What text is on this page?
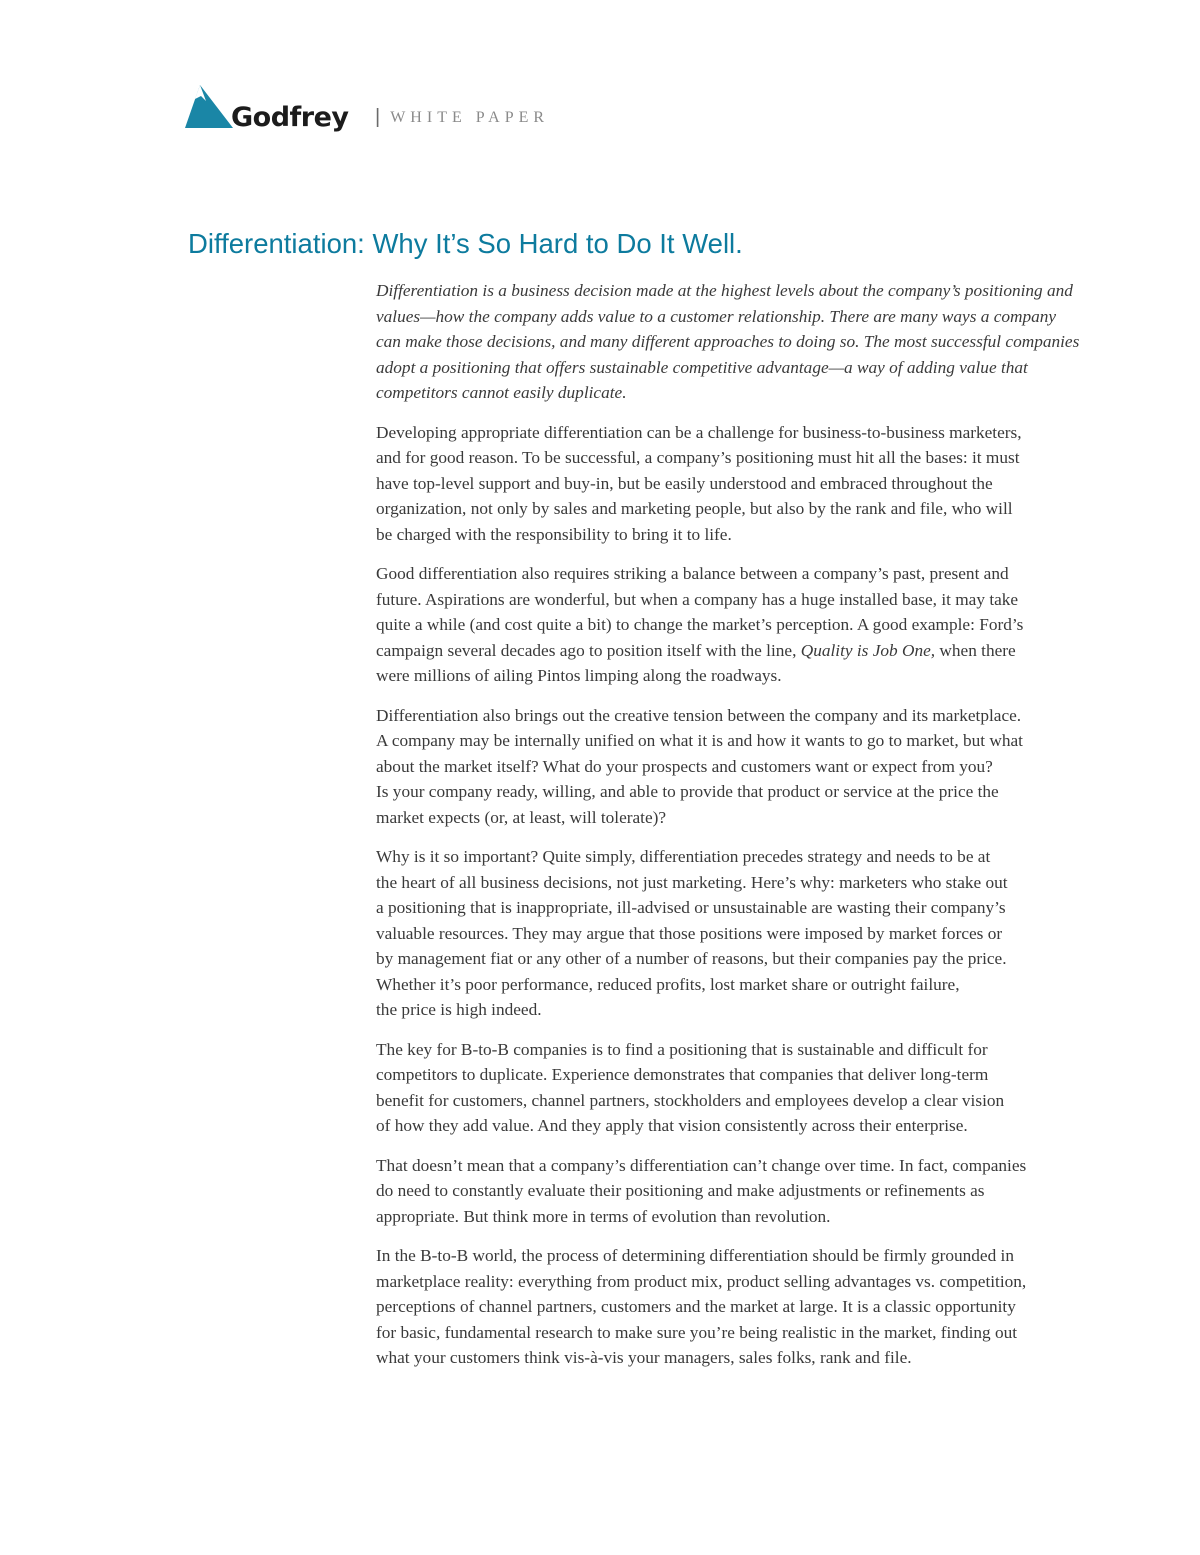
Godfrey | WHITE PAPER
Differentiation: Why It’s So Hard to Do It Well.

Differentiation is a business decision made at the highest levels about the company’s positioning and
values—how the company adds value to a customer relationship. There are many ways a company
can make those decisions, and many different approaches to doing so. The most successful companies
adopt a positioning that offers sustainable competitive advantage—a way of adding value that
competitors cannot easily duplicate.

Developing appropriate differentiation can be a challenge for business-to-business marketers,
and for good reason. To be successful, a company’s positioning must hit all the bases: it must
have top-level support and buy-in, but be easily understood and embraced throughout the
organization, not only by sales and marketing people, but also by the rank and file, who will
be charged with the responsibility to bring it to life.

Good differentiation also requires striking a balance between a company’s past, present and
future. Aspirations are wonderful, but when a company has a huge installed base, it may take
quite a while (and cost quite a bit) to change the market’s perception. A good example: Ford’s
campaign several decades ago to position itself with the line, Quality is Job One, when there
were millions of ailing Pintos limping along the roadways.

Differentiation also brings out the creative tension between the company and its marketplace.
A company may be internally unified on what it is and how it wants to go to market, but what
about the market itself? What do your prospects and customers want or expect from you?
Is your company ready, willing, and able to provide that product or service at the price the
market expects (or, at least, will tolerate)?

Why is it so important? Quite simply, differentiation precedes strategy and needs to be at
the heart of all business decisions, not just marketing. Here’s why: marketers who stake out
a positioning that is inappropriate, ill-advised or unsustainable are wasting their company’s
valuable resources. They may argue that those positions were imposed by market forces or
by management fiat or any other of a number of reasons, but their companies pay the price.
Whether it’s poor performance, reduced profits, lost market share or outright failure,
the price is high indeed.

The key for B-to-B companies is to find a positioning that is sustainable and difficult for
competitors to duplicate. Experience demonstrates that companies that deliver long-term
benefit for customers, channel partners, stockholders and employees develop a clear vision
of how they add value. And they apply that vision consistently across their enterprise.

That doesn’t mean that a company’s differentiation can’t change over time. In fact, companies
do need to constantly evaluate their positioning and make adjustments or refinements as
appropriate. But think more in terms of evolution than revolution.

In the B-to-B world, the process of determining differentiation should be firmly grounded in
marketplace reality: everything from product mix, product selling advantages vs. competition,
perceptions of channel partners, customers and the market at large. It is a classic opportunity
for basic, fundamental research to make sure you’re being realistic in the market, finding out
what your customers think vis-à-vis your managers, sales folks, rank and file.
